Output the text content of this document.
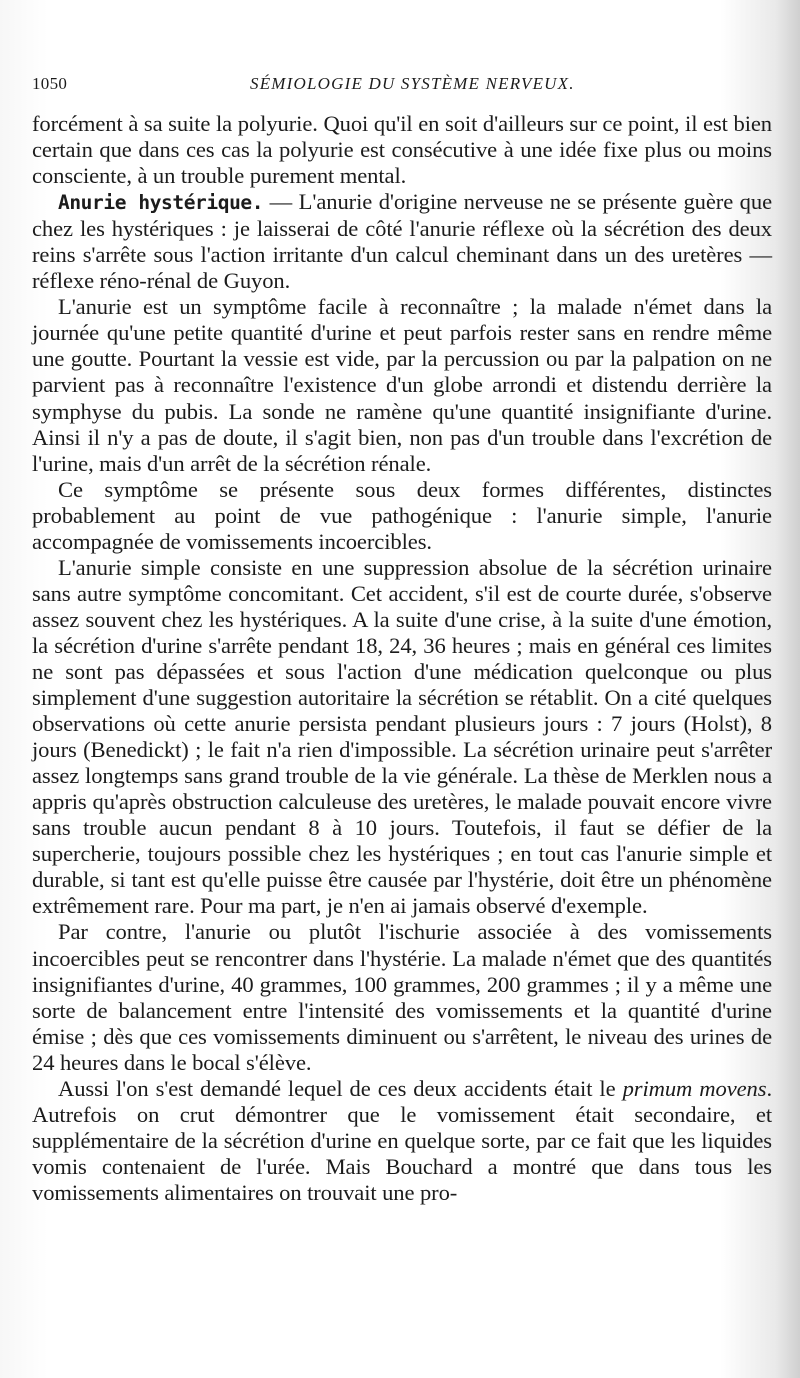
1050	SÉMIOLOGIE DU SYSTÈME NERVEUX.

forcément à sa suite la polyurie. Quoi qu'il en soit d'ailleurs sur ce point, il est bien certain que dans ces cas la polyurie est consécutive à une idée fixe plus ou moins consciente, à un trouble purement mental.

Anurie hystérique. — L'anurie d'origine nerveuse ne se présente guère que chez les hystériques : je laisserai de côté l'anurie réflexe où la sécrétion des deux reins s'arrête sous l'action irritante d'un calcul cheminant dans un des uretères — réflexe réno-rénal de Guyon.

L'anurie est un symptôme facile à reconnaître ; la malade n'émet dans la journée qu'une petite quantité d'urine et peut parfois rester sans en rendre même une goutte. Pourtant la vessie est vide, par la percussion ou par la palpation on ne parvient pas à reconnaître l'existence d'un globe arrondi et distendu derrière la symphyse du pubis. La sonde ne ramène qu'une quantité insignifiante d'urine. Ainsi il n'y a pas de doute, il s'agit bien, non pas d'un trouble dans l'excrétion de l'urine, mais d'un arrêt de la sécrétion rénale.

Ce symptôme se présente sous deux formes différentes, distinctes probablement au point de vue pathogénique : l'anurie simple, l'anurie accompagnée de vomissements incoercibles.

L'anurie simple consiste en une suppression absolue de la sécrétion urinaire sans autre symptôme concomitant. Cet accident, s'il est de courte durée, s'observe assez souvent chez les hystériques. A la suite d'une crise, à la suite d'une émotion, la sécrétion d'urine s'arrête pendant 18, 24, 36 heures ; mais en général ces limites ne sont pas dépassées et sous l'action d'une médication quelconque ou plus simplement d'une suggestion autoritaire la sécrétion se rétablit. On a cité quelques observations où cette anurie persista pendant plusieurs jours : 7 jours (Holst), 8 jours (Benedickt) ; le fait n'a rien d'impossible. La sécrétion urinaire peut s'arrêter assez longtemps sans grand trouble de la vie générale. La thèse de Merklen nous a appris qu'après obstruction calculeuse des uretères, le malade pouvait encore vivre sans trouble aucun pendant 8 à 10 jours. Toutefois, il faut se défier de la supercherie, toujours possible chez les hystériques ; en tout cas l'anurie simple et durable, si tant est qu'elle puisse être causée par l'hystérie, doit être un phénomène extrêmement rare. Pour ma part, je n'en ai jamais observé d'exemple.

Par contre, l'anurie ou plutôt l'ischurie associée à des vomissements incoercibles peut se rencontrer dans l'hystérie. La malade n'émet que des quantités insignifiantes d'urine, 40 grammes, 100 grammes, 200 grammes ; il y a même une sorte de balancement entre l'intensité des vomissements et la quantité d'urine émise ; dès que ces vomissements diminuent ou s'arrêtent, le niveau des urines de 24 heures dans le bocal s'élève.

Aussi l'on s'est demandé lequel de ces deux accidents était le primum movens. Autrefois on crut démontrer que le vomissement était secondaire, et supplémentaire de la sécrétion d'urine en quelque sorte, par ce fait que les liquides vomis contenaient de l'urée. Mais Bouchard a montré que dans tous les vomissements alimentaires on trouvait une pro-
